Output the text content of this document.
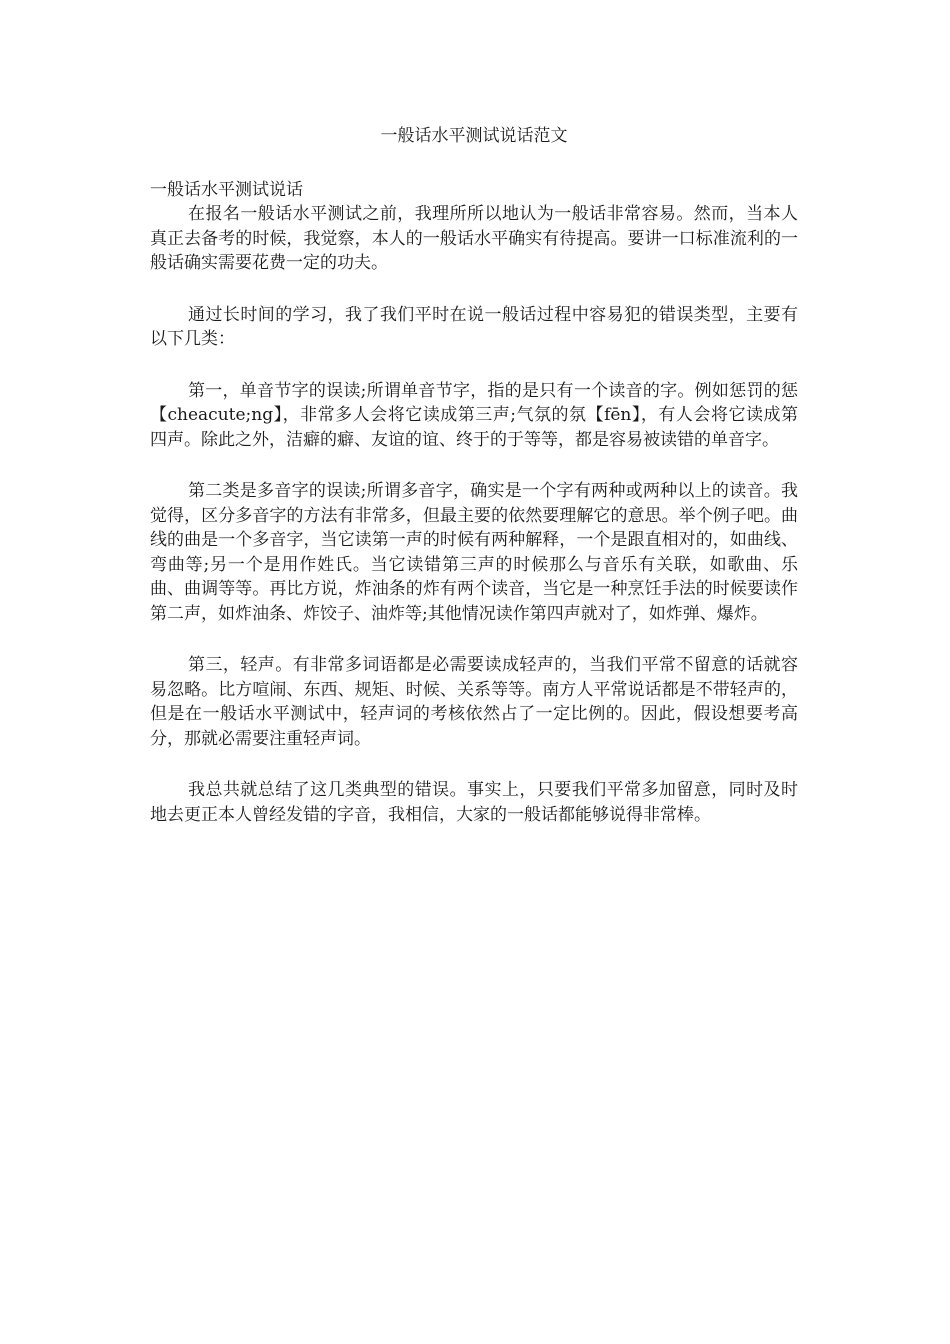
一般话水平测试说话范文

一般话水平测试说话

在报名一般话水平测试之前，我理所所以地认为一般话非常容易。然而，当本人真正去备考的时候，我觉察，本人的一般话水平确实有待提高。要讲一口标准流利的一般话确实需要花费一定的功夫。

通过长时间的学习，我了我们平时在说一般话过程中容易犯的错误类型，主要有以下几类：

第一，单音节字的误读;所谓单音节字，指的是只有一个读音的字。例如惩罚的惩【cheacute;ng】，非常多人会将它读成第三声;气氛的氛【fēn】，有人会将它读成第四声。除此之外，洁癖的癖、友谊的谊、终于的于等等，都是容易被读错的单音字。

第二类是多音字的误读;所谓多音字，确实是一个字有两种或两种以上的读音。我觉得，区分多音字的方法有非常多，但最主要的依然要理解它的意思。举个例子吧。曲线的曲是一个多音字，当它读第一声的时候有两种解释，一个是跟直相对的，如曲线、弯曲等;另一个是用作姓氏。当它读错第三声的时候那么与音乐有关联，如歌曲、乐曲、曲调等等。再比方说，炸油条的炸有两个读音，当它是一种烹饪手法的时候要读作第二声，如炸油条、炸饺子、油炸等;其他情况读作第四声就对了，如炸弹、爆炸。

第三，轻声。有非常多词语都是必需要读成轻声的，当我们平常不留意的话就容易忽略。比方喧闹、东西、规矩、时候、关系等等。南方人平常说话都是不带轻声的，但是在一般话水平测试中，轻声词的考核依然占了一定比例的。因此，假设想要考高分，那就必需要注重轻声词。

我总共就总结了这几类典型的错误。事实上，只要我们平常多加留意，同时及时地去更正本人曾经发错的字音，我相信，大家的一般话都能够说得非常棒。
